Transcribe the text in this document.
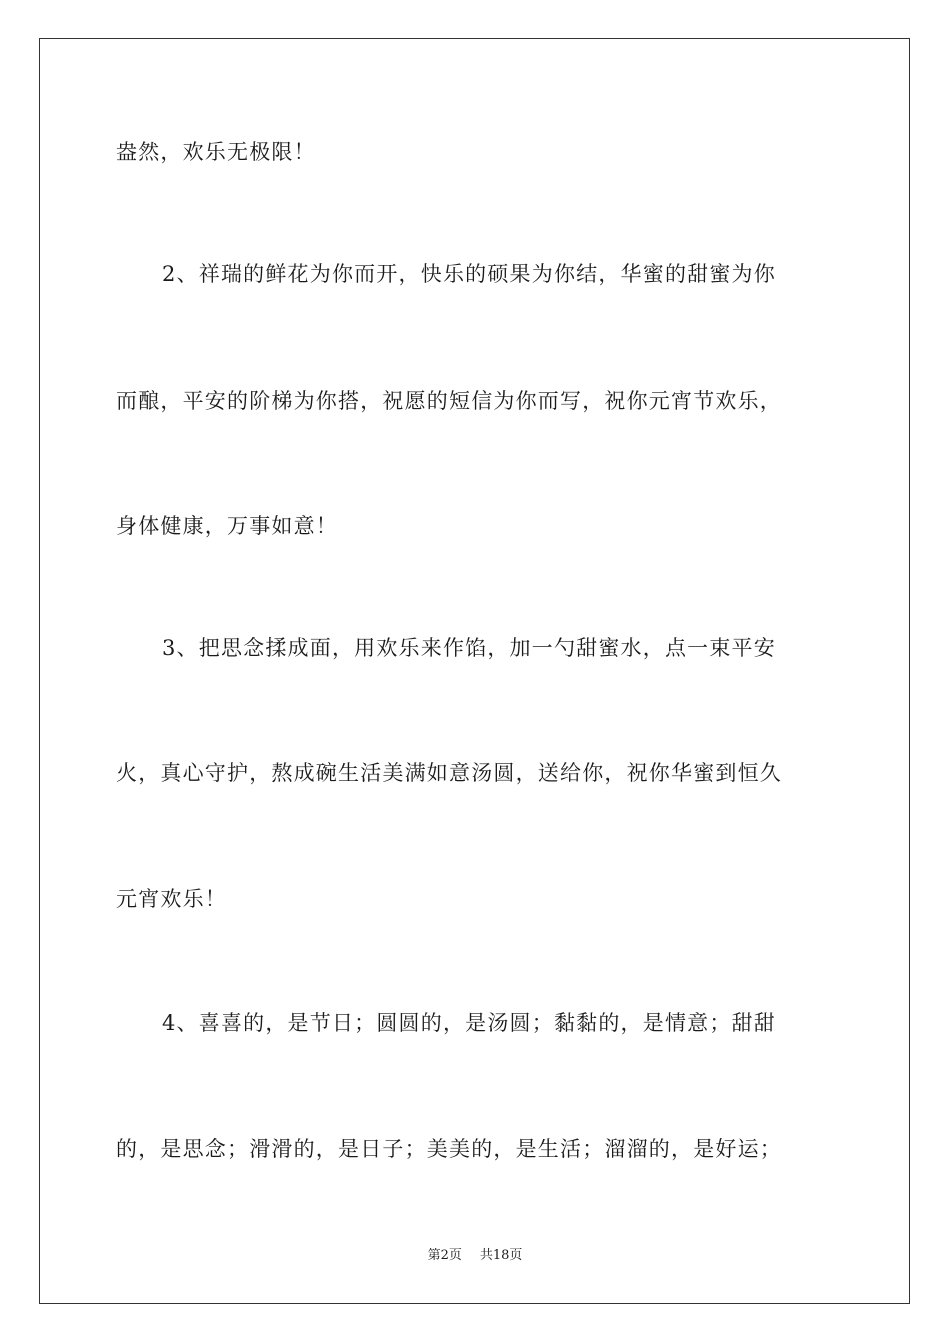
盎然，欢乐无极限！
2、祥瑞的鲜花为你而开，快乐的硕果为你结，华蜜的甜蜜为你
而酿，平安的阶梯为你搭，祝愿的短信为你而写，祝你元宵节欢乐，
身体健康，万事如意！
3、把思念揉成面，用欢乐来作馅，加一勺甜蜜水，点一束平安
火，真心守护，熬成碗生活美满如意汤圆，送给你，祝你华蜜到恒久
元宵欢乐！
4、喜喜的，是节日；圆圆的，是汤圆；黏黏的，是情意；甜甜
的，是思念；滑滑的，是日子；美美的，是生活；溜溜的，是好运；
第2页 共18页
